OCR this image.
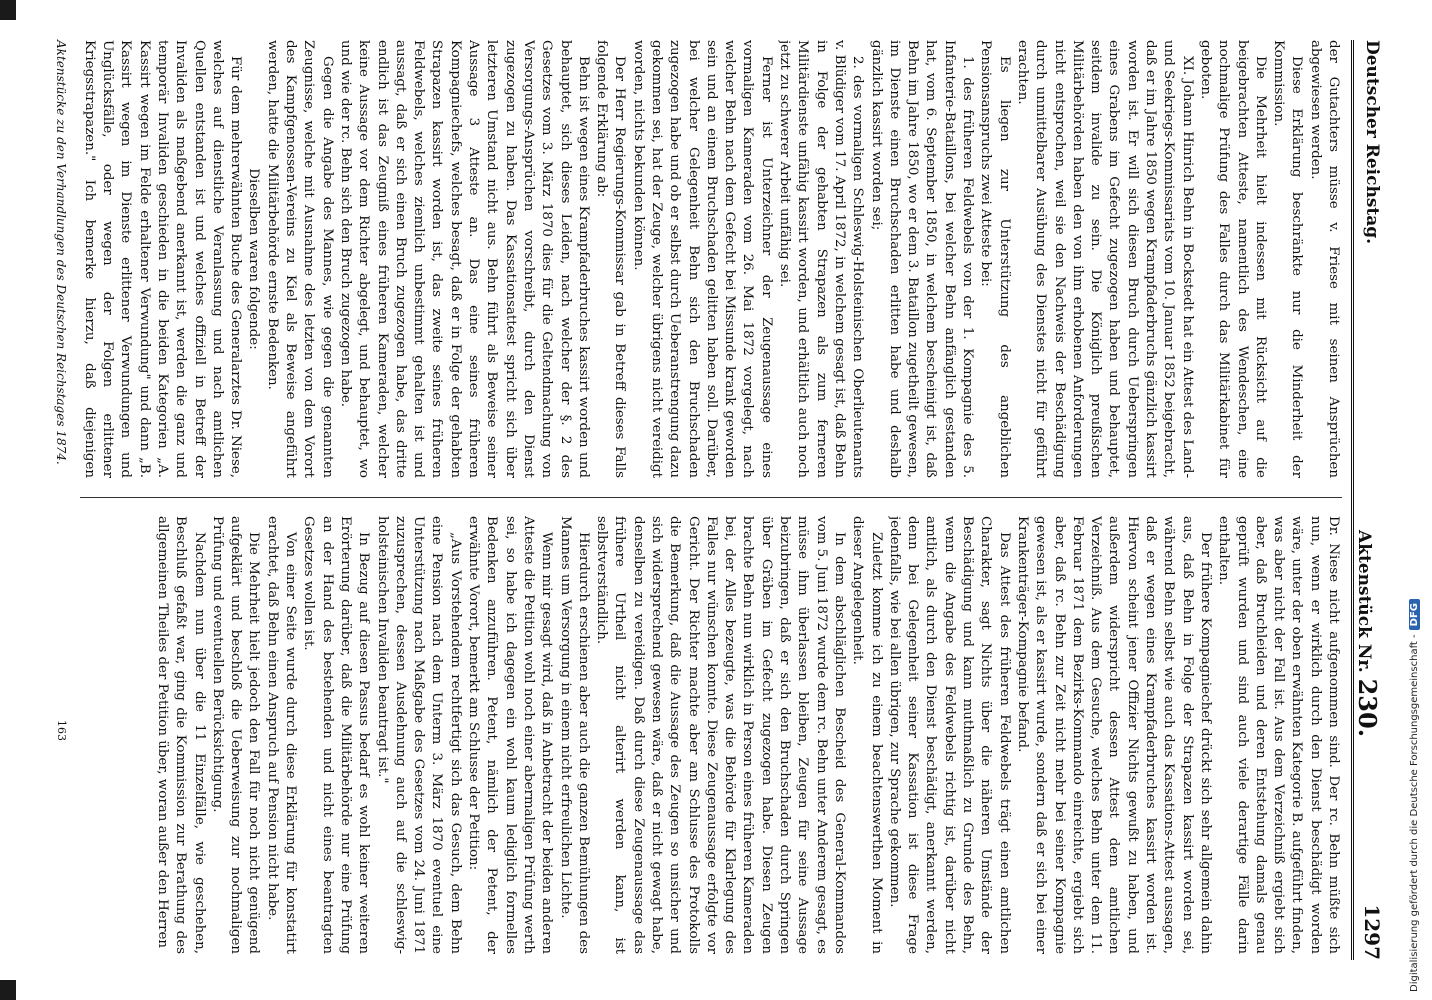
Deutscher Reichstag.
Aktenstück Nr. 230.
1297

der Gutachters müsse v. Friese mit seinen Ansprüchen abgewiesen werden.

Diese Erklärung beschränkte nur die Minderheit der Kommission.

Die Mehrheit hielt indessen mit Rücksicht auf die beigebrachten Atteste, namentlich des Wendeschen, eine nochmalige Prüfung des Falles durch das Militärkabinet für geboten.

XI. Johann Hinrich Behn in Bockstedt hat ein Attest des Land- und Seekriegs-Kommissariats vom 10. Januar 1852 beigebracht, daß er im Jahre 1850 wegen Krampfaderbruchs gänzlich kassirt worden ist. Er will sich diesen Bruch durch Ueberspringen eines Grabens im Gefecht zugezogen haben und behauptet, seitdem invalide zu sein. Die Königlich preußischen Militärbehörden haben den von ihm erhobenen Anforderungen nicht entsprochen, weil sie den Nachweis der Beschädigung durch unmittelbarer Ausübung des Dienstes nicht für geführt erachten.

Es liegen zur Unterstützung des angeblichen Pensionsanspruchs zwei Atteste bei:

1. des früheren Feldwebels von der 1. Kompagnie des 5. Infanterie-Bataillons, bei welcher Behn anfänglich gestanden hat, vom 6. September 1850, in welchem bescheinigt ist, daß Behn im Jahre 1850, wo er dem 3. Bataillon zugetheilt gewesen, im Dienste einen Bruchschaden erlitten habe und deshalb gänzlich kassirt worden sei;

2. des vormaligen Schleswig-Holsteinischen Oberlieutenants v. Blüdiger vom 17. April 1872, in welchem gesagt ist, daß Behn in Folge der gehabten Strapazen als zum ferneren Militärdienste unfähig kassirt worden, und erhältlich auch noch jetzt zu schwerer Arbeit unfähig sei.

Ferner ist Unterzeichner der Zeugenaussage eines vormaligen Kameraden vom 26. Mai 1872 vorgelegt, nach welcher Behn nach dem Gefecht bei Missunde krank geworden sein und an einem Bruchschaden gelitten haben soll. Darüber, bei welcher Gelegenheit Behn sich den Bruchschaden zugezogen habe und ob er selbst durch Ueberanstrengung dazu gekommen sei, hat der Zeuge, welcher übrigens nicht vereidigt worden, nichts bekunden können.

Der Herr Regierungs-Kommissar gab in Betreff dieses Falls folgende Erklärung ab:

Behn ist wegen eines Krampfaderbruches kassirt worden und behauptet, sich dieses Leiden, nach welcher der §. 2 des Gesetzes vom 3. März 1870 dies für die Geltendmachung von Versorgungs-Ansprüchen vorschreibt, durch den Dienst zugezogen zu haben. Das Kassationsattest spricht sich über letzteren Umstand nicht aus. Behn führt als Beweise seiner Aussage 3 Atteste an. Das eine seines früheren Kompagniechefs, welches besagt, daß er in Folge der gehabten Strapazen kassirt worden ist, das zweite seines früheren Feldwebels, welches ziemlich unbestimmt gehalten ist und aussagt, daß er sich einen Bruch zugezogen habe, das dritte endlich ist das Zeugniß eines früheren Kameraden, welcher keine Aussage vor dem Richter abgelegt, und behauptet, wo und wie der rc. Behn sich den Bruch zugezogen habe.

Gegen die Angabe des Mannes, wie gegen die genannten Zeugnisse, welche mit Ausnahme des letzten von dem Vorort des Kampfgenossen-Vereins zu Kiel als Beweise angeführt werden, hatte die Militärbehörde ernste Bedenken.

Dieselben waren folgende:

Für dem mehrerwähnten Buche des Generalarztes Dr. Niese, welches auf dienstliche Veranlassung und nach amtlichen Quellen entstanden ist und welches offiziell in Betreff der Invaliden als maßgebend anerkannt ist, werden die ganz und temporär Invaliden geschieden in die beiden Kategorien „A. Kassirt wegen im Felde erhaltener Verwundung" und dann „B. Kassirt wegen im Dienste erlittener Verwundungen und Unglücksfälle, oder wegen der Folgen erlittener Kriegsstrapazen." Ich bemerke hierzu, daß diejenigen

Dr. Niese nicht aufgenommen sind. Der rc. Behn müßte sich nun, wenn er wirklich durch den Dienst beschädigt worden wäre, unter der oben erwähnten Kategorie B. aufgeführt finden, was aber nicht der Fall ist. Aus dem Verzeichniß ergiebt sich aber, daß Bruchleiden und deren Entstehung damals genau geprüft wurden und sind auch viele derartige Fälle darin enthalten.

Der frühere Kompagniechef drückt sich sehr allgemein dahin aus, daß Behn in Folge der Strapazen kassirt worden sei, während Behn selbst wie auch das Kassations-Attest aussagen, daß er wegen eines Krampfaderbruches kassirt worden ist. Hiervon scheint jener Offizier Nichts gewußt zu haben, und außerdem widerspricht dessen Attest dem amtlichen Verzeichniß. Aus dem Gesuche, welches Behn unter dem 11. Februar 1871 dem Bezirks-Kommando einreichte, ergiebt sich aber, daß rc. Behn zur Zeit nicht mehr bei seiner Kompagnie gewesen ist, als er kassirt wurde, sondern daß er sich bei einer Krankenträger-Kompagnie befand.

Das Attest des früheren Feldwebels trägt einen amtlichen Charakter, sagt Nichts über die näheren Umstände der Beschädigung und kann muthmaßlich zu Grunde des Behn, wenn die Angabe des Feldwebels richtig ist, darüber nicht amtlich, als durch den Dienst beschädigt, anerkannt werden, denn bei Gelegenheit seiner Kassation ist diese Frage jedenfalls, wie bei allen übrigen, zur Sprache gekommen.

Zuletzt komme ich zu einem beachtenswerthen Moment in dieser Angelegenheit.

In dem abschläglichen Bescheid des General-Kommandos vom 5. Juni 1872 wurde dem rc. Behn unter Anderem gesagt, es müsse ihm überlassen bleiben, Zeugen für seine Aussage beizubringen, daß er sich den Bruchschaden durch Springen über Gräben im Gefecht zugezogen habe. Diesen Zeugen brachte Behn nun wirklich in Person eines früheren Kameraden bei, der Alles bezeugte, was die Behörde für Klarlegung des Falles nur wünschen konnte. Diese Zeugenaussage erfolgte vor Gericht. Der Richter machte aber am Schlusse des Protokolls die Bemerkung, daß die Aussage des Zeugen so unsicher und sich widersprechend gewesen wäre, daß er nicht gewagt habe, denselben zu vereidigen. Daß durch diese Zeugenaussage das frühere Urtheil nicht alterirt werden kann, ist selbstverständlich.

Hierdurch erschienen aber auch die ganzen Bemühungen des Mannes um Versorgung in einem nicht erfreulichen Lichte.

Wenn mir gesagt wird, daß in Anbetracht der beiden anderen Atteste die Petition wohl noch einer abermaligen Prüfung werth sei, so habe ich dagegen ein wohl kaum lediglich formelles Bedenken anzuführen. Petent, nämlich der Petent, der erwähnte Vorort, bemerkt am Schlusse der Petition:

„Aus Vorstehendem rechtfertigt sich das Gesuch, dem Behn eine Pension nach dem Unterm 3. März 1870 eventuel eine Unterstützung nach Maßgabe des Gesetzes vom 24. Juni 1871 zuzusprechen, dessen Ausdehnung auch auf die schleswig-holsteinischen Invaliden beantragt ist."

In Bezug auf diesen Passus bedarf es wohl keiner weiteren Erörterung darüber, daß die Militärbehörde nur eine Prüfung an der Hand des bestehenden und nicht eines beantragten Gesetzes wollen ist.

Von einer Seite wurde durch diese Erklärung für konstatirt erachtet, daß Behn einen Anspruch auf Pension nicht habe.

Die Mehrheit hielt jedoch den Fall für noch nicht genügend aufgeklärt und beschloß die Ueberweisung zur nochmaligen Prüfung und eventuellen Berücksichtigung.

Nachdem nun über die 11 Einzelfälle, wie geschehen, Beschluß gefaßt war, ging die Kommission zur Berathung des allgemeinen Theiles der Petition über, woran außer den Herren

Aktenstücke zu den Verhandlungen des Deutschen Reichstages 1874.
163	Digitalisierung gefördert durch die Deutsche Forschungsgemeinschaft -DFG
